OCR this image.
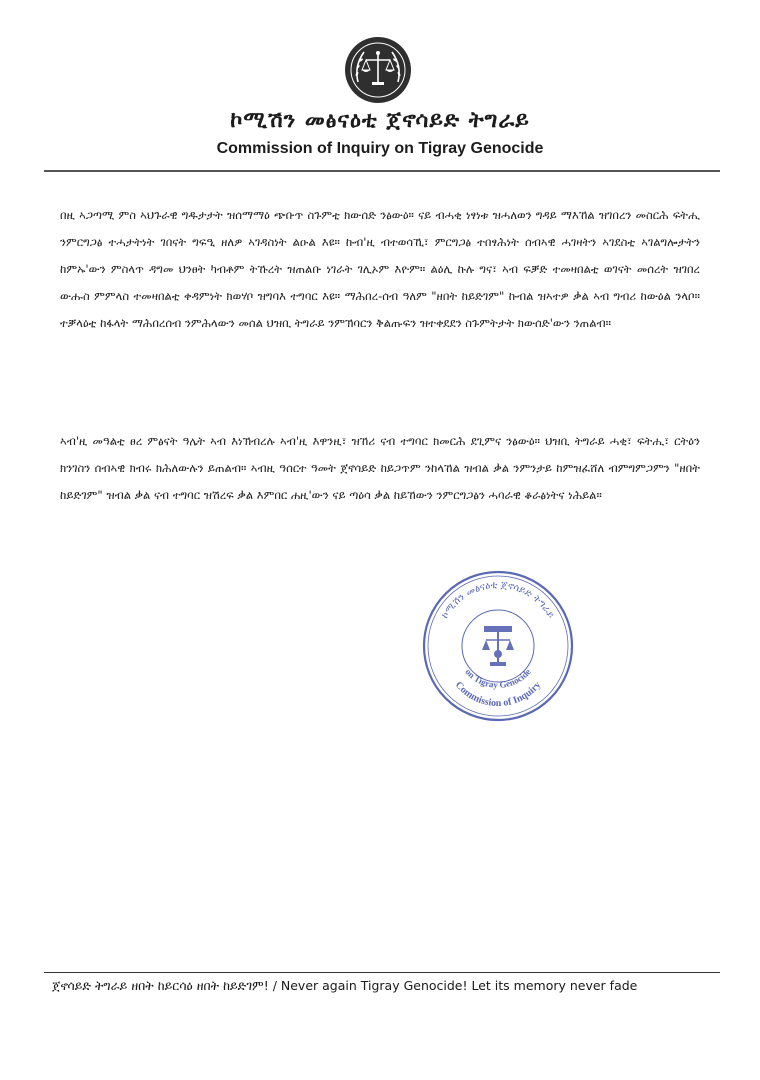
ኮሚሽን መፅናዕቲ ጀኖሳይድ ትግራይ
Commission of Inquiry on Tigray Genocide
በዚ ኣጋጣሚ ምስ ኣህጉራዊ ግዱታታት ዝሰማማዕ ጭቡጥ ስጉምቲ ክውሰድ ንፅውዕ። ናይ ብሓቂ ነፃነቱ ዝሓለወን ግዳይ ማእኸል ዝገበረን መስርሕ ፍትሒ ንምርግጋፅ ተሓታትነት ገበናት ግፍዒ ዘለዎ ኣገዳስነት ልዑል እዩ። ኩብ'ዚ ብተወሳኺ፣ ምርግጋፅ ተበፃሕነት ሰብኣዊ ሓገዛትን ኣገደስቲ ኣገልግሎታትን ከምኡ'ውን ምስላጥ ዳግመ ህንፀት ካብቶም ትኹረት ዝጠልቡ ነገራት ገሊኦም እዮም። ልዕሊ ኩሉ ግና፣ ኣብ ፍቓድ ተመዛበልቲ ወገናት መሰረት ዝገበረ ውሑስ ምምላስ ተመዛበልቲ ቀዳምነት ክወሃቦ ዝግባእ ተግባር እዩ። ማሕበረ-ሰብ ዓለም "ዘበት ከይድገም" ኩብል ዝኣተዎ ቃል ኣብ ግብሪ ከውዕል ንላቦ። ተቓላዕቲ ከፋላት ማሕበረሰብ ንምሕላውን መሰል ህዝቢ ትግራይ ንምኽባርን ቅልጡፍን ዝተቀደደን ስጉምትታት ክውሰድ'ውን ንጠልብ።
ኣብ'ዚ መዓልቲ ፀረ ምፅናት ዓሌት ኣብ እነኽብረሉ ኣብ'ዚ እዋንዚ፣ ዝኸሪ ናብ ተግባር ክመርሕ ደጊምና ንፅውዕ። ህዝቢ ትግራይ ሓቂ፣ ፍትሒ፣ ርትዕን ክንገስን ሰብኣዊ ክብሩ ክሕለውሉን ይጠልብ። ኣብዚ ዓሰርተ ዓመት ጀኖሳይድ ከይጋጥም ንከላኸል ዝብል ቃል ንምንታይ ከምዝፈሸለ ብምግምጋምን "ዘበት ከይድገም" ዝብል ቃል ናብ ተግባር ዝሽረፍ ቃል እምበር ሐዚ'ውን ናይ ጣዕሳ ቃል ከይኸውን ንምርግጋፅን ሓባራዊ ቆራፅነትና ነሕይል።
ኮሚሽን መፅናዕቲ ጀኖሳይድ ትግራይ
Commission of Inquiry
on Tigray Genocide
ጀኖሳይድ ትግራይ ዘበት ከይርሳዕ ዘበት ከይድገም! / Never again Tigray Genocide! Let its memory never fade
